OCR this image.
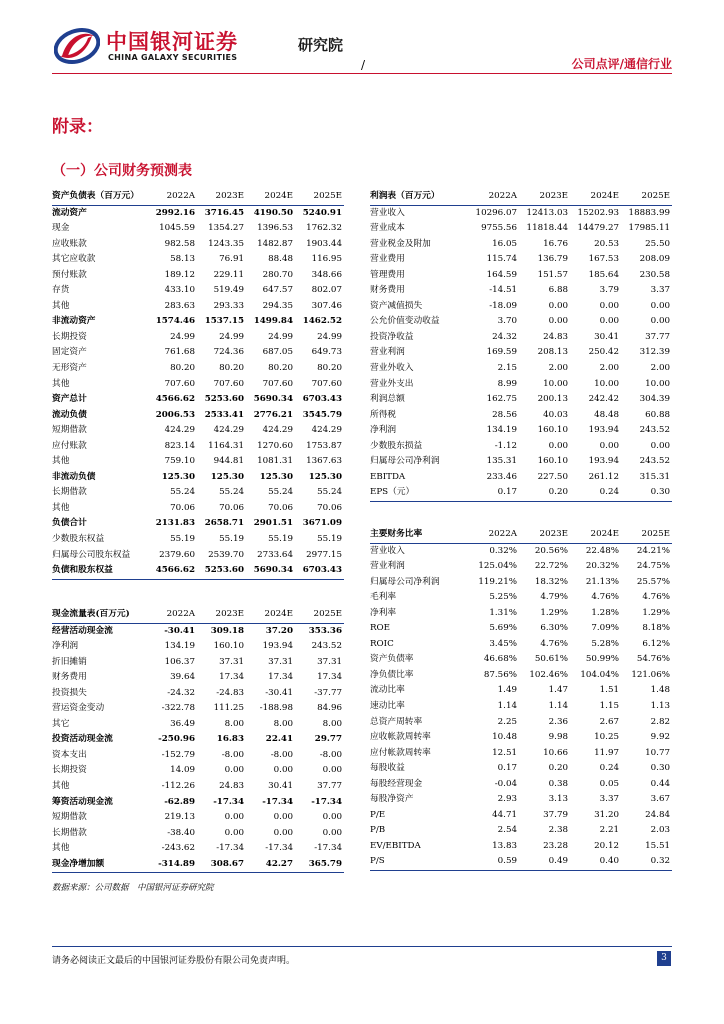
中国银河证券
CHINA GALAXY SECURITIES
研究院
/	公司点评/通信行业
附录：
（一）公司财务预测表
资产负债表（百万元）	2022A	2023E	2024E	2025E
流动资产	2992.16	3716.45	4190.50	5240.91
现金	1045.59	1354.27	1396.53	1762.32
应收账款	982.58	1243.35	1482.87	1903.44
其它应收款	58.13	76.91	88.48	116.95
预付账款	189.12	229.11	280.70	348.66
存货	433.10	519.49	647.57	802.07
其他	283.63	293.33	294.35	307.46
非流动资产	1574.46	1537.15	1499.84	1462.52
长期投资	24.99	24.99	24.99	24.99
固定资产	761.68	724.36	687.05	649.73
无形资产	80.20	80.20	80.20	80.20
其他	707.60	707.60	707.60	707.60
资产总计	4566.62	5253.60	5690.34	6703.43
流动负债	2006.53	2533.41	2776.21	3545.79
短期借款	424.29	424.29	424.29	424.29
应付账款	823.14	1164.31	1270.60	1753.87
其他	759.10	944.81	1081.31	1367.63
非流动负债	125.30	125.30	125.30	125.30
长期借款	55.24	55.24	55.24	55.24
其他	70.06	70.06	70.06	70.06
负债合计	2131.83	2658.71	2901.51	3671.09
少数股东权益	55.19	55.19	55.19	55.19
归属母公司股东权益	2379.60	2539.70	2733.64	2977.15
负债和股东权益	4566.62	5253.60	5690.34	6703.43
利润表（百万元）	2022A	2023E	2024E	2025E
营业收入	10296.07	12413.03	15202.93	18883.99
营业成本	9755.56	11818.44	14479.27	17985.11
营业税金及附加	16.05	16.76	20.53	25.50
营业费用	115.74	136.79	167.53	208.09
管理费用	164.59	151.57	185.64	230.58
财务费用	-14.51	6.88	3.79	3.37
资产减值损失	-18.09	0.00	0.00	0.00
公允价值变动收益	3.70	0.00	0.00	0.00
投资净收益	24.32	24.83	30.41	37.77
营业利润	169.59	208.13	250.42	312.39
营业外收入	2.15	2.00	2.00	2.00
营业外支出	8.99	10.00	10.00	10.00
利润总额	162.75	200.13	242.42	304.39
所得税	28.56	40.03	48.48	60.88
净利润	134.19	160.10	193.94	243.52
少数股东损益	-1.12	0.00	0.00	0.00
归属母公司净利润	135.31	160.10	193.94	243.52
EBITDA	233.46	227.50	261.12	315.31
EPS（元）	0.17	0.20	0.24	0.30
现金流量表(百万元)	2022A	2023E	2024E	2025E
经营活动现金流	-30.41	309.18	37.20	353.36
净利润	134.19	160.10	193.94	243.52
折旧摊销	106.37	37.31	37.31	37.31
财务费用	39.64	17.34	17.34	17.34
投资损失	-24.32	-24.83	-30.41	-37.77
营运资金变动	-322.78	111.25	-188.98	84.96
其它	36.49	8.00	8.00	8.00
投资活动现金流	-250.96	16.83	22.41	29.77
资本支出	-152.79	-8.00	-8.00	-8.00
长期投资	14.09	0.00	0.00	0.00
其他	-112.26	24.83	30.41	37.77
筹资活动现金流	-62.89	-17.34	-17.34	-17.34
短期借款	219.13	0.00	0.00	0.00
长期借款	-38.40	0.00	0.00	0.00
其他	-243.62	-17.34	-17.34	-17.34
现金净增加额	-314.89	308.67	42.27	365.79
主要财务比率	2022A	2023E	2024E	2025E
营业收入	0.32%	20.56%	22.48%	24.21%
营业利润	125.04%	22.72%	20.32%	24.75%
归属母公司净利润	119.21%	18.32%	21.13%	25.57%
毛利率	5.25%	4.79%	4.76%	4.76%
净利率	1.31%	1.29%	1.28%	1.29%
ROE	5.69%	6.30%	7.09%	8.18%
ROIC	3.45%	4.76%	5.28%	6.12%
资产负债率	46.68%	50.61%	50.99%	54.76%
净负债比率	87.56%	102.46%	104.04%	121.06%
流动比率	1.49	1.47	1.51	1.48
速动比率	1.14	1.14	1.15	1.13
总资产周转率	2.25	2.36	2.67	2.82
应收帐款周转率	10.48	9.98	10.25	9.92
应付帐款周转率	12.51	10.66	11.97	10.77
每股收益	0.17	0.20	0.24	0.30
每股经营现金	-0.04	0.38	0.05	0.44
每股净资产	2.93	3.13	3.37	3.67
P/E	44.71	37.79	31.20	24.84
P/B	2.54	2.38	2.21	2.03
EV/EBITDA	13.83	23.28	20.12	15.51
P/S	0.59	0.49	0.40	0.32
数据来源：公司数据　中国银河证券研究院
请务必阅读正文最后的中国银河证券股份有限公司免责声明。	3
